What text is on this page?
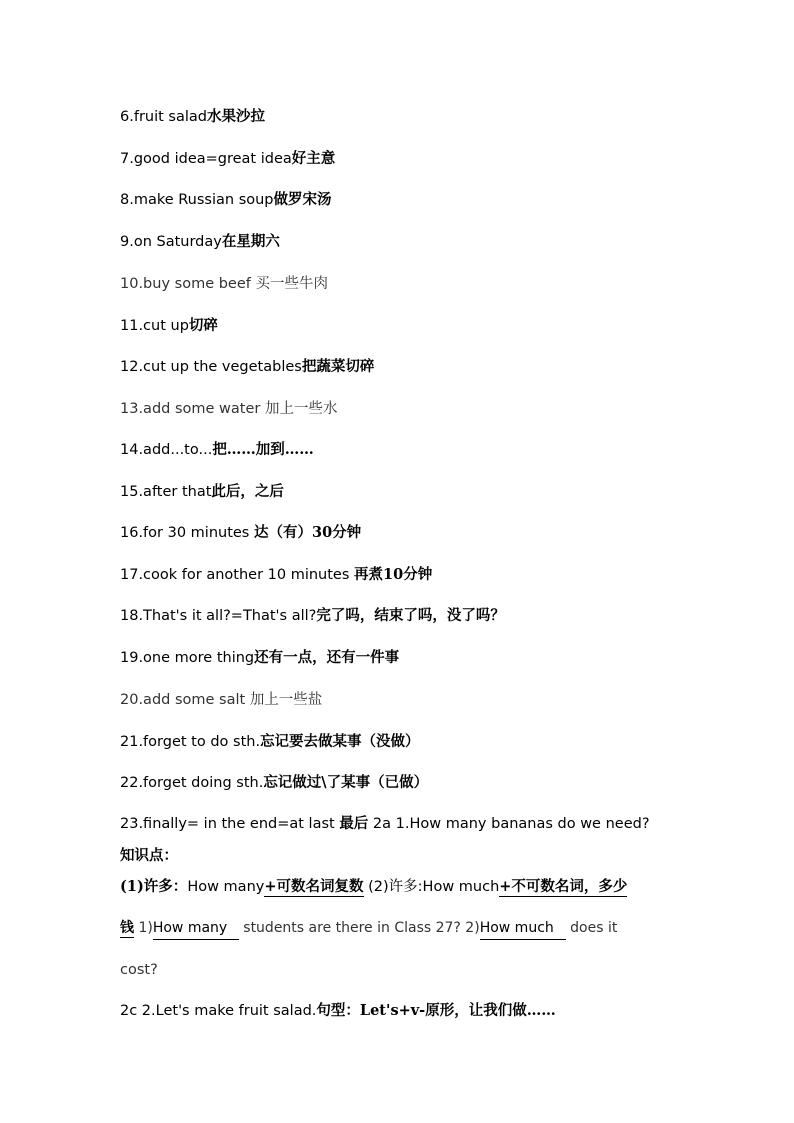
6.fruit salad水果沙拉
7.good idea=great idea好主意
8.make Russian soup做罗宋汤
9.on Saturday在星期六
10.buy some beef 买一些牛肉
11.cut up切碎
12.cut up the vegetables把蔬菜切碎
13.add some water 加上一些水
14.add...to...把……加到……
15.after that此后，之后
16.for 30 minutes 达（有）30分钟
17.cook for another 10 minutes 再煮10分钟
18.That's it all?=That's all?完了吗，结束了吗，没了吗？
19.one more thing还有一点，还有一件事
20.add some salt 加上一些盐
21.forget to do sth.忘记要去做某事（没做）
22.forget doing sth.忘记做过\了某事（已做）
23.finally= in the end=at last 最后 2a 1.How many bananas do we need?
知识点：
(1)许多：How many+可数名词复数 (2)许多:How much+不可数名词，多少
钱 1)How many students are there in Class 27? 2)How much does it
cost?
2c 2.Let's make fruit salad.句型：Let's+v-原形，让我们做……
